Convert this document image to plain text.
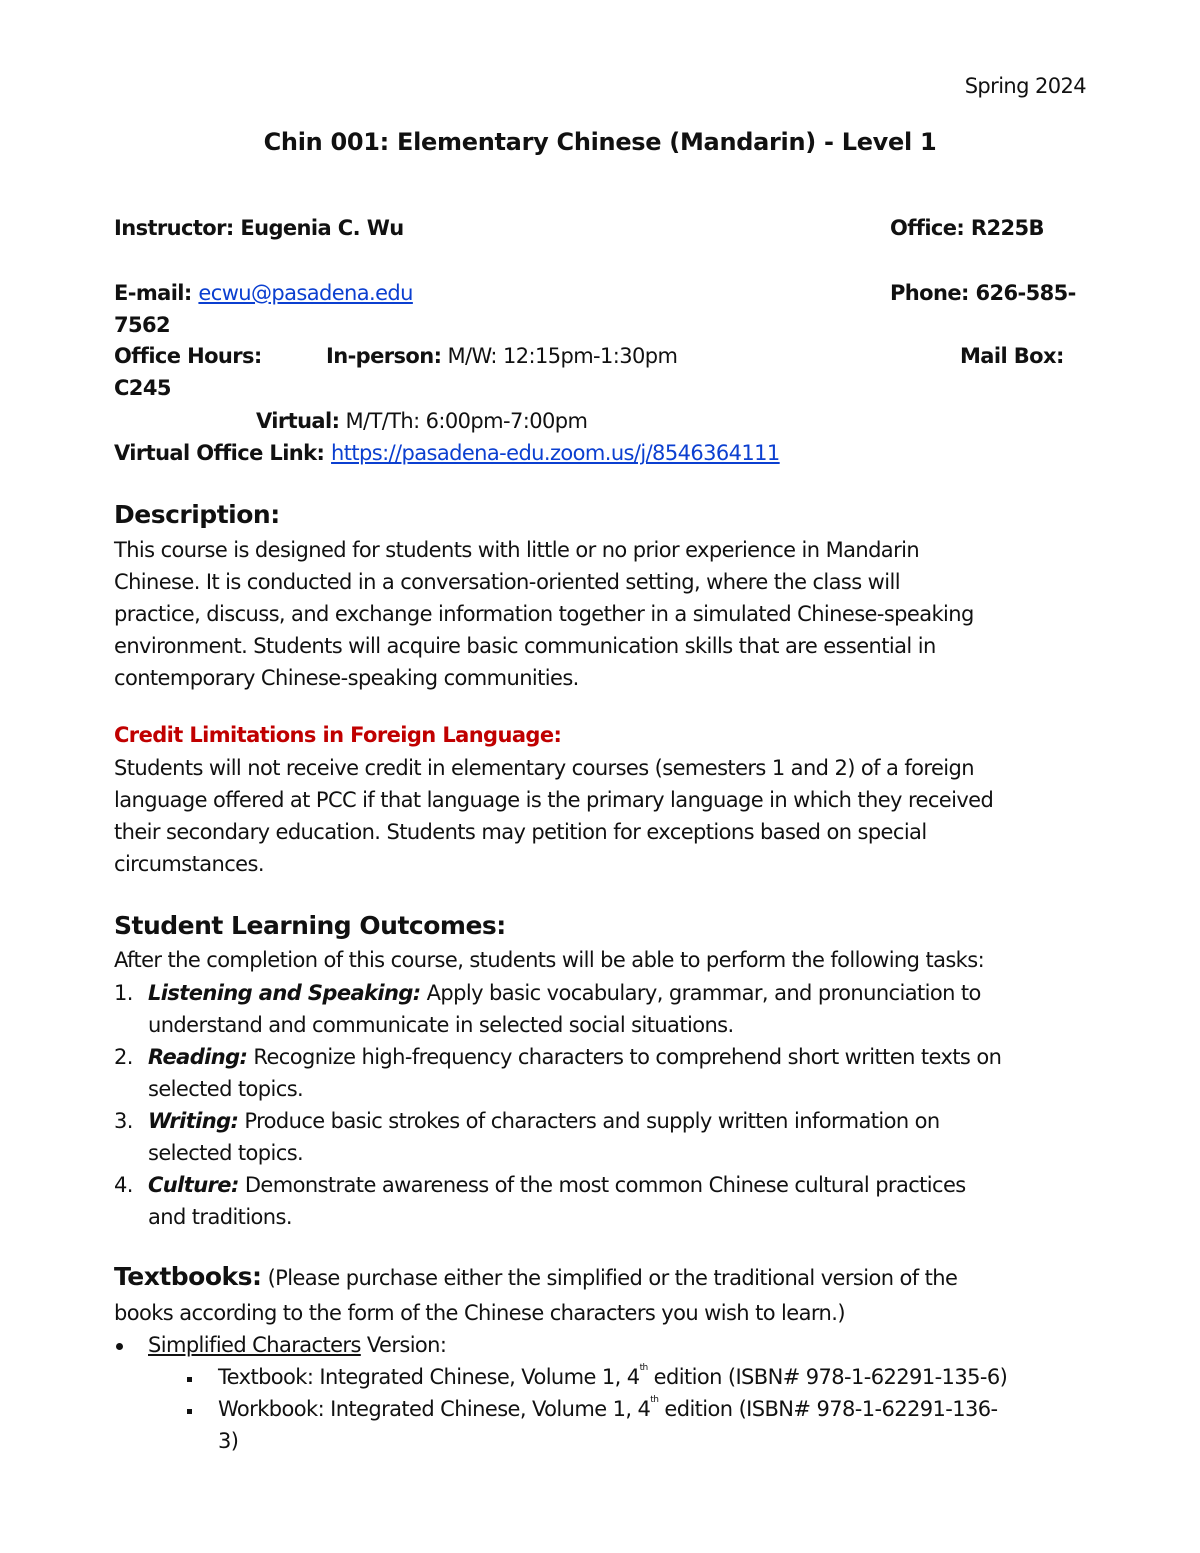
Spring 2024
Chin 001: Elementary Chinese (Mandarin) - Level 1
Instructor: Eugenia C. Wu	Office: R225B
E-mail: ecwu@pasadena.edu	Phone: 626-585-
7562
Office Hours:	In-person: M/W: 12:15pm-1:30pm	Mail Box:
C245
Virtual: M/T/Th: 6:00pm-7:00pm
Virtual Office Link: https://pasadena-edu.zoom.us/j/8546364111
Description:
This course is designed for students with little or no prior experience in Mandarin
Chinese. It is conducted in a conversation-oriented setting, where the class will
practice, discuss, and exchange information together in a simulated Chinese-speaking
environment. Students will acquire basic communication skills that are essential in
contemporary Chinese-speaking communities.
Credit Limitations in Foreign Language:
Students will not receive credit in elementary courses (semesters 1 and 2) of a foreign
language offered at PCC if that language is the primary language in which they received
their secondary education. Students may petition for exceptions based on special
circumstances.
Student Learning Outcomes:
After the completion of this course, students will be able to perform the following tasks:
1. Listening and Speaking: Apply basic vocabulary, grammar, and pronunciation to
understand and communicate in selected social situations.
2. Reading: Recognize high-frequency characters to comprehend short written texts on
selected topics.
3. Writing: Produce basic strokes of characters and supply written information on
selected topics.
4. Culture: Demonstrate awareness of the most common Chinese cultural practices
and traditions.
Textbooks: (Please purchase either the simplified or the traditional version of the
books according to the form of the Chinese characters you wish to learn.)
Simplified Characters Version:
Textbook: Integrated Chinese, Volume 1, 4th edition (ISBN# 978-1-62291-135-6)
Workbook: Integrated Chinese, Volume 1, 4th edition (ISBN# 978-1-62291-136-
3)
